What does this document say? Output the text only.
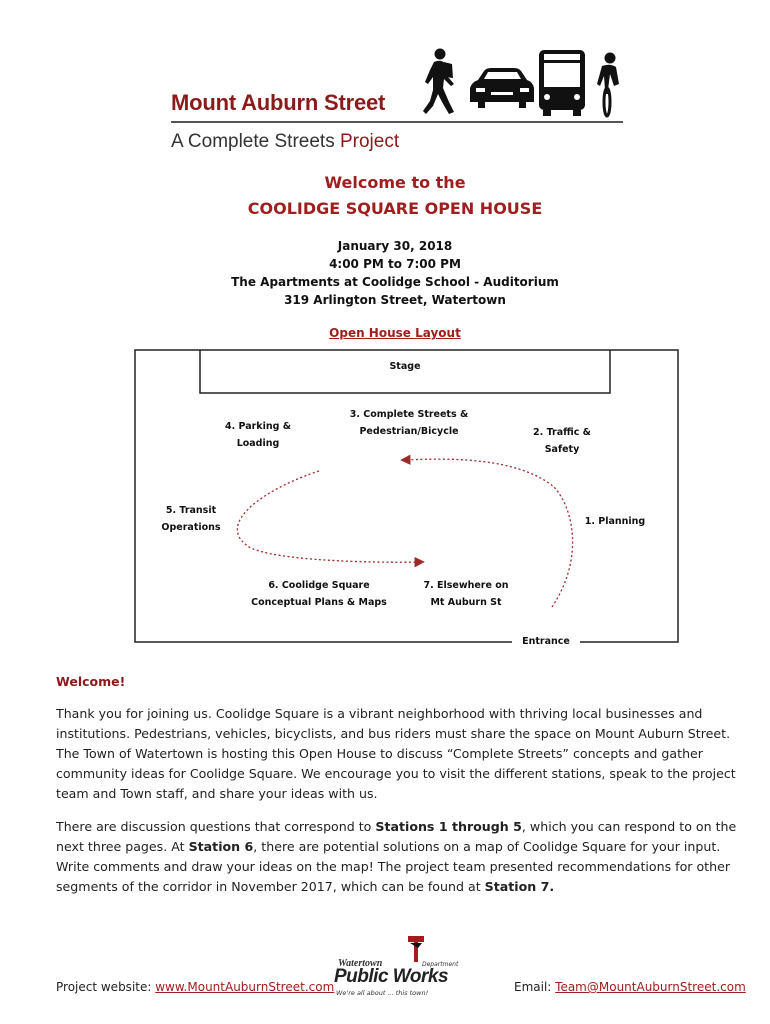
Mount Auburn Street
A Complete Streets Project
Welcome to the
COOLIDGE SQUARE OPEN HOUSE
January 30, 2018
4:00 PM to 7:00 PM
The Apartments at Coolidge School - Auditorium
319 Arlington Street, Watertown
Open House Layout
Stage
Entrance
1. Planning
2. Traffic &
Safety
3. Complete Streets &
Pedestrian/Bicycle
4. Parking &
Loading
5. Transit
Operations
6. Coolidge Square
Conceptual Plans & Maps
7. Elsewhere on
Mt Auburn St
Welcome!
Thank you for joining us. Coolidge Square is a vibrant neighborhood with thriving local businesses and institutions. Pedestrians, vehicles, bicyclists, and bus riders must share the space on Mount Auburn Street. The Town of Watertown is hosting this Open House to discuss “Complete Streets” concepts and gather community ideas for Coolidge Square. We encourage you to visit the different stations, speak to the project team and Town staff, and share your ideas with us.
There are discussion questions that correspond to Stations 1 through 5, which you can respond to on the next three pages. At Station 6, there are potential solutions on a map of Coolidge Square for your input. Write comments and draw your ideas on the map! The project team presented recommendations for other segments of the corridor in November 2017, which can be found at Station 7.
Project website: www.MountAuburnStreet.com
Watertown	Department
Public Works
We're all about ... this town!	Email: Team@MountAuburnStreet.com
